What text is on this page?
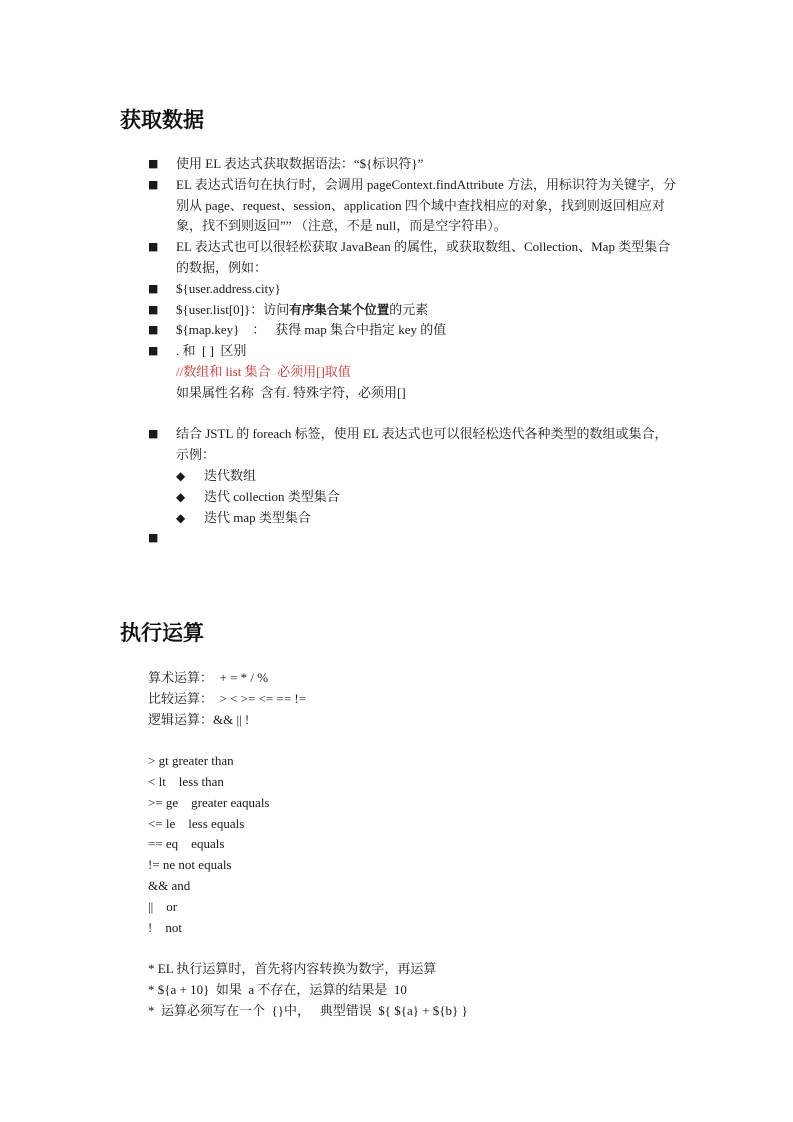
获取数据
■	使用 EL 表达式获取数据语法：“${标识符}”
■	EL 表达式语句在执行时，会调用 pageContext.findAttribute 方法，用标识符为关键字，分别从 page、request、session、application 四个域中查找相应的对象，找到则返回相应对象，找不到则返回”” （注意，不是 null，而是空字符串）。
■	EL 表达式也可以很轻松获取 JavaBean 的属性，或获取数组、Collection、Map 类型集合的数据，例如：
■	${user.address.city}
■	${user.list[0]}：访问有序集合某个位置的元素
■	${map.key}    ：   获得 map 集合中指定 key 的值
■	. 和  [ ]  区别
//数组和 list 集合  必须用[]取值
如果属性名称  含有. 特殊字符，必须用[]
■	结合 JSTL 的 foreach 标签，使用 EL 表达式也可以很轻松迭代各种类型的数组或集合，示例：
◆ 迭代数组
◆ 迭代 collection 类型集合
◆ 迭代 map 类型集合
■

执行运算
算术运算：  + = * / %
比较运算：  > < >= <= == !=
逻辑运算：&& || !
> gt greater than
< lt    less than
>= ge    greater eaquals
<= le    less equals
== eq    equals
!= ne not equals
&& and
||    or
!    not
* EL 执行运算时，首先将内容转换为数字，再运算
* ${a + 10}  如果  a 不存在，运算的结果是  10
*  运算必须写在一个  {}中，   典型错误  ${ ${a} + ${b} }
